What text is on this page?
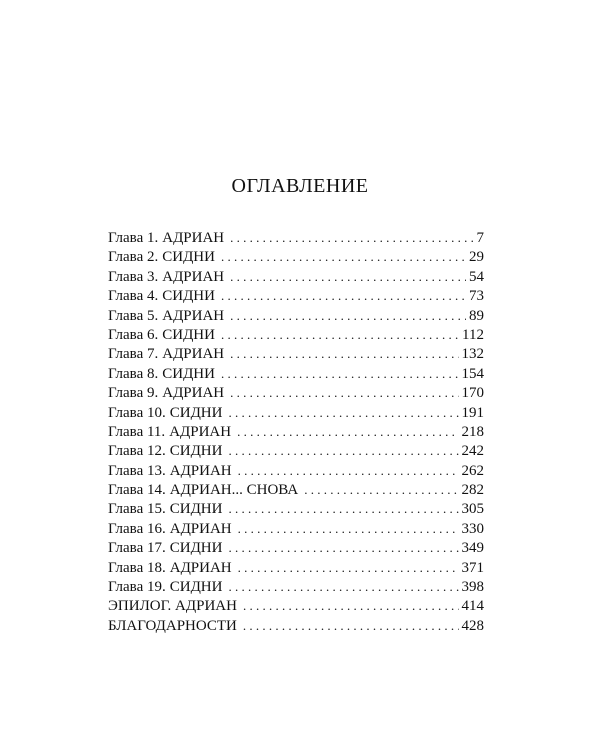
ОГЛАВЛЕНИЕ
Глава 1. АДРИАН . . .	7
Глава 2. СИДНИ . . .	29
Глава 3. АДРИАН . . .	54
Глава 4. СИДНИ . . .	73
Глава 5. АДРИАН . . .	89
Глава 6. СИДНИ . . .	112
Глава 7. АДРИАН . . .	132
Глава 8. СИДНИ . . .	154
Глава 9. АДРИАН . . .	170
Глава 10. СИДНИ . . .	191
Глава 11. АДРИАН . . .	218
Глава 12. СИДНИ . . .	242
Глава 13. АДРИАН . . .	262
Глава 14. АДРИАН... СНОВА . . .	282
Глава 15. СИДНИ . . .	305
Глава 16. АДРИАН . . .	330
Глава 17. СИДНИ . . .	349
Глава 18. АДРИАН . . .	371
Глава 19. СИДНИ . . .	398
ЭПИЛОГ. АДРИАН . . .	414
БЛАГОДАРНОСТИ . . .	428
